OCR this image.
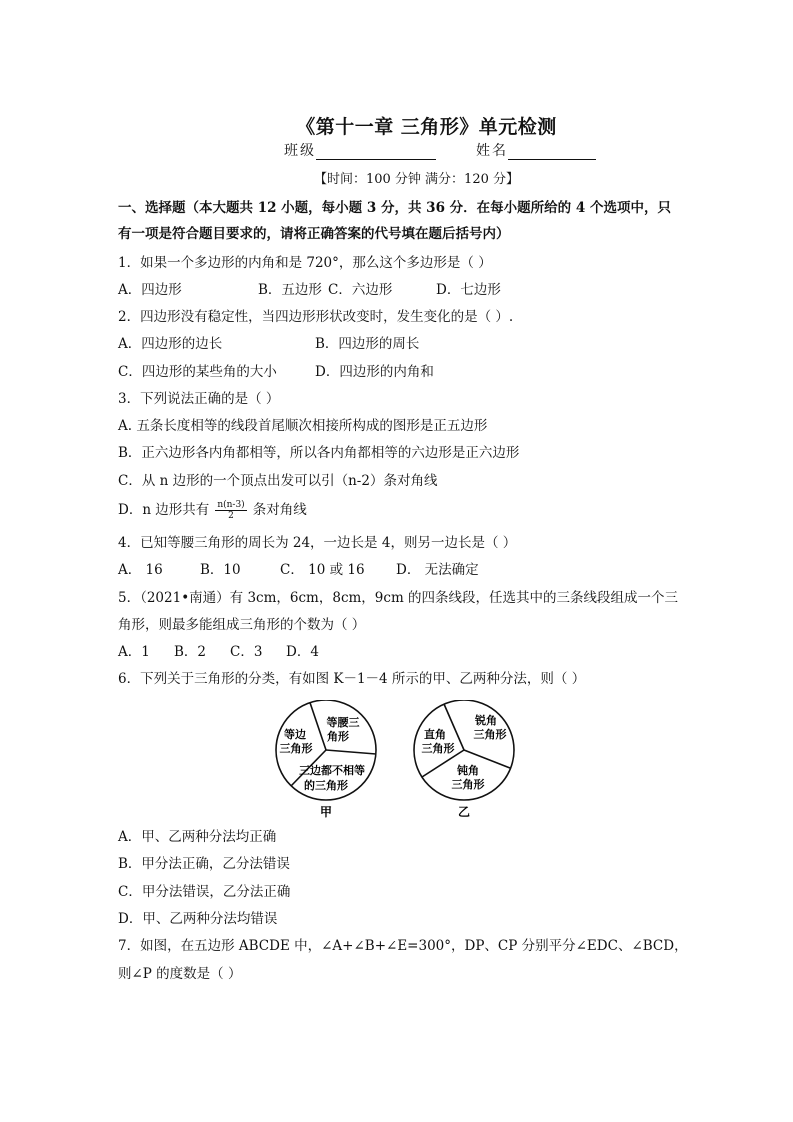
《第十一章 三角形》单元检测
班级	姓名
【时间：100 分钟 满分：120 分】
一、选择题（本大题共 12 小题，每小题 3 分，共 36 分．在每小题所给的 4 个选项中，只
有一项是符合题目要求的，请将正确答案的代号填在题后括号内）
1．如果一个多边形的内角和是 720°，那么这个多边形是（ ）
A．四边形	B．五边形 C．六边形	D．七边形
2．四边形没有稳定性，当四边形形状改变时，发生变化的是（ ）.
A．四边形的边长	B．四边形的周长
C．四边形的某些角的大小	D．四边形的内角和
3．下列说法正确的是（ ）
A. 五条长度相等的线段首尾顺次相接所构成的图形是正五边形
B．正六边形各内角都相等，所以各内角都相等的六边形是正六边形
C．从 n 边形的一个顶点出发可以引（n-2）条对角线
D．n 边形共有 $\frac{n(n-3)}{2}$ 条对角线
4．已知等腰三角形的周长为 24，一边长是 4，则另一边长是（ ）
A． 16	B．10	C． 10 或 16	D． 无法确定
5．（2021•南通）有 3cm，6cm，8cm，9cm 的四条线段，任选其中的三条线段组成一个三
角形，则最多能组成三角形的个数为（ ）
A．1	B．2	C．3	D．4
6．下列关于三角形的分类，有如图 K－1－4 所示的甲、乙两种分法，则（ ）
等边
三角形
等腰三
角形
三边都不相等
的三角形
甲
直角
三角形
锐角
三角形
钝角
三角形
乙
A．甲、乙两种分法均正确
B．甲分法正确，乙分法错误
C．甲分法错误，乙分法正确
D．甲、乙两种分法均错误
7．如图，在五边形 ABCDE 中，∠A+∠B+∠E=300°，DP、CP 分别平分∠EDC、∠BCD，
则∠P 的度数是（ ）
